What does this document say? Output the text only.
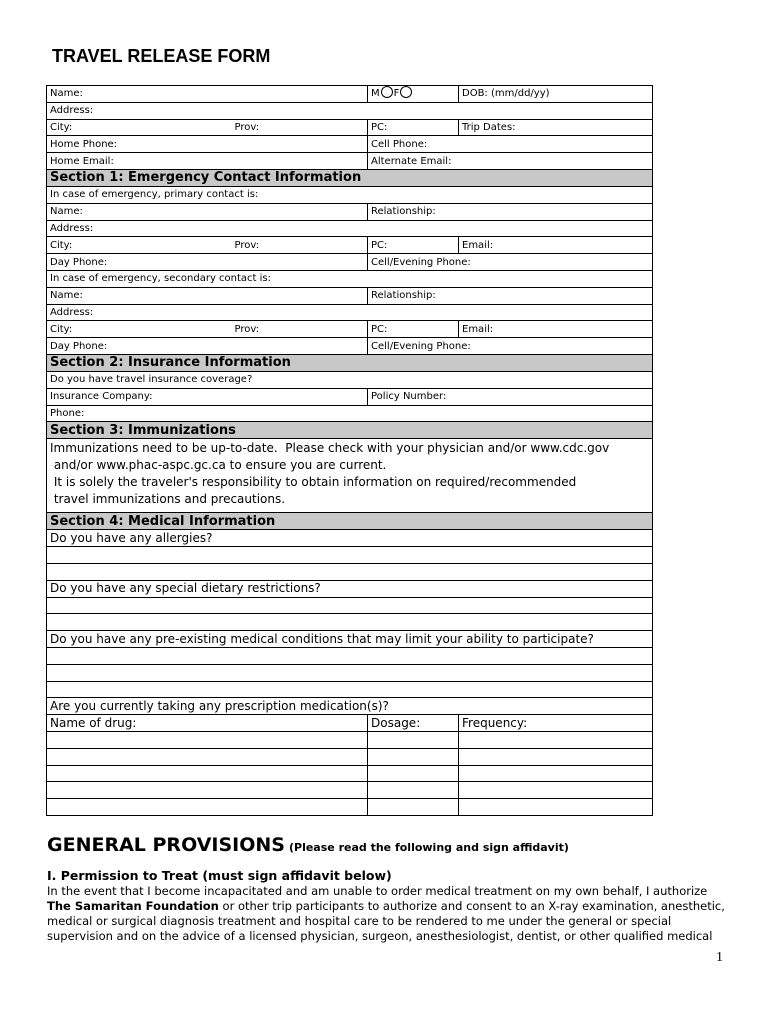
TRAVEL RELEASE FORM
Name:		M F	DOB: (mm/dd/yy)
Address:			
City:	Prov:	PC:	Trip Dates:
Home Phone:		Cell Phone:	
Home Email:		Alternate Email:	
Section 1: Emergency Contact Information			
In case of emergency, primary contact is:			
Name:		Relationship:	
Address:			
City:	Prov:	PC:	Email:
Day Phone:		Cell/Evening Phone:	
In case of emergency, secondary contact is:			
Name:		Relationship:	
Address:			
City:	Prov:	PC:	Email:
Day Phone:		Cell/Evening Phone:	
Section 2: Insurance Information			
Do you have travel insurance coverage?			
Insurance Company:		Policy Number:	
Phone:			
Section 3: Immunizations			

Immunizations need to be up-to-date.  Please check with your physician and/or www.cdc.gov
and/or www.phac-aspc.gc.ca to ensure you are current.
It is solely the traveler's responsibility to obtain information on required/recommended
travel immunizations and precautions.			

Section 4: Medical Information			
Do you have any allergies?			

Do you have any special dietary restrictions?			

Do you have any pre-existing medical conditions that may limit your ability to participate?			

Are you currently taking any prescription medication(s)?			
Name of drug:		Dosage:	Frequency:

GENERAL PROVISIONS (Please read the following and sign affidavit)
I. Permission to Treat (must sign affidavit below)
In the event that I become incapacitated and am unable to order medical treatment on my own behalf, I authorize
The Samaritan Foundation or other trip participants to authorize and consent to an X-ray examination, anesthetic,
medical or surgical diagnosis treatment and hospital care to be rendered to me under the general or special
supervision and on the advice of a licensed physician, surgeon, anesthesiologist, dentist, or other qualified medical
1
